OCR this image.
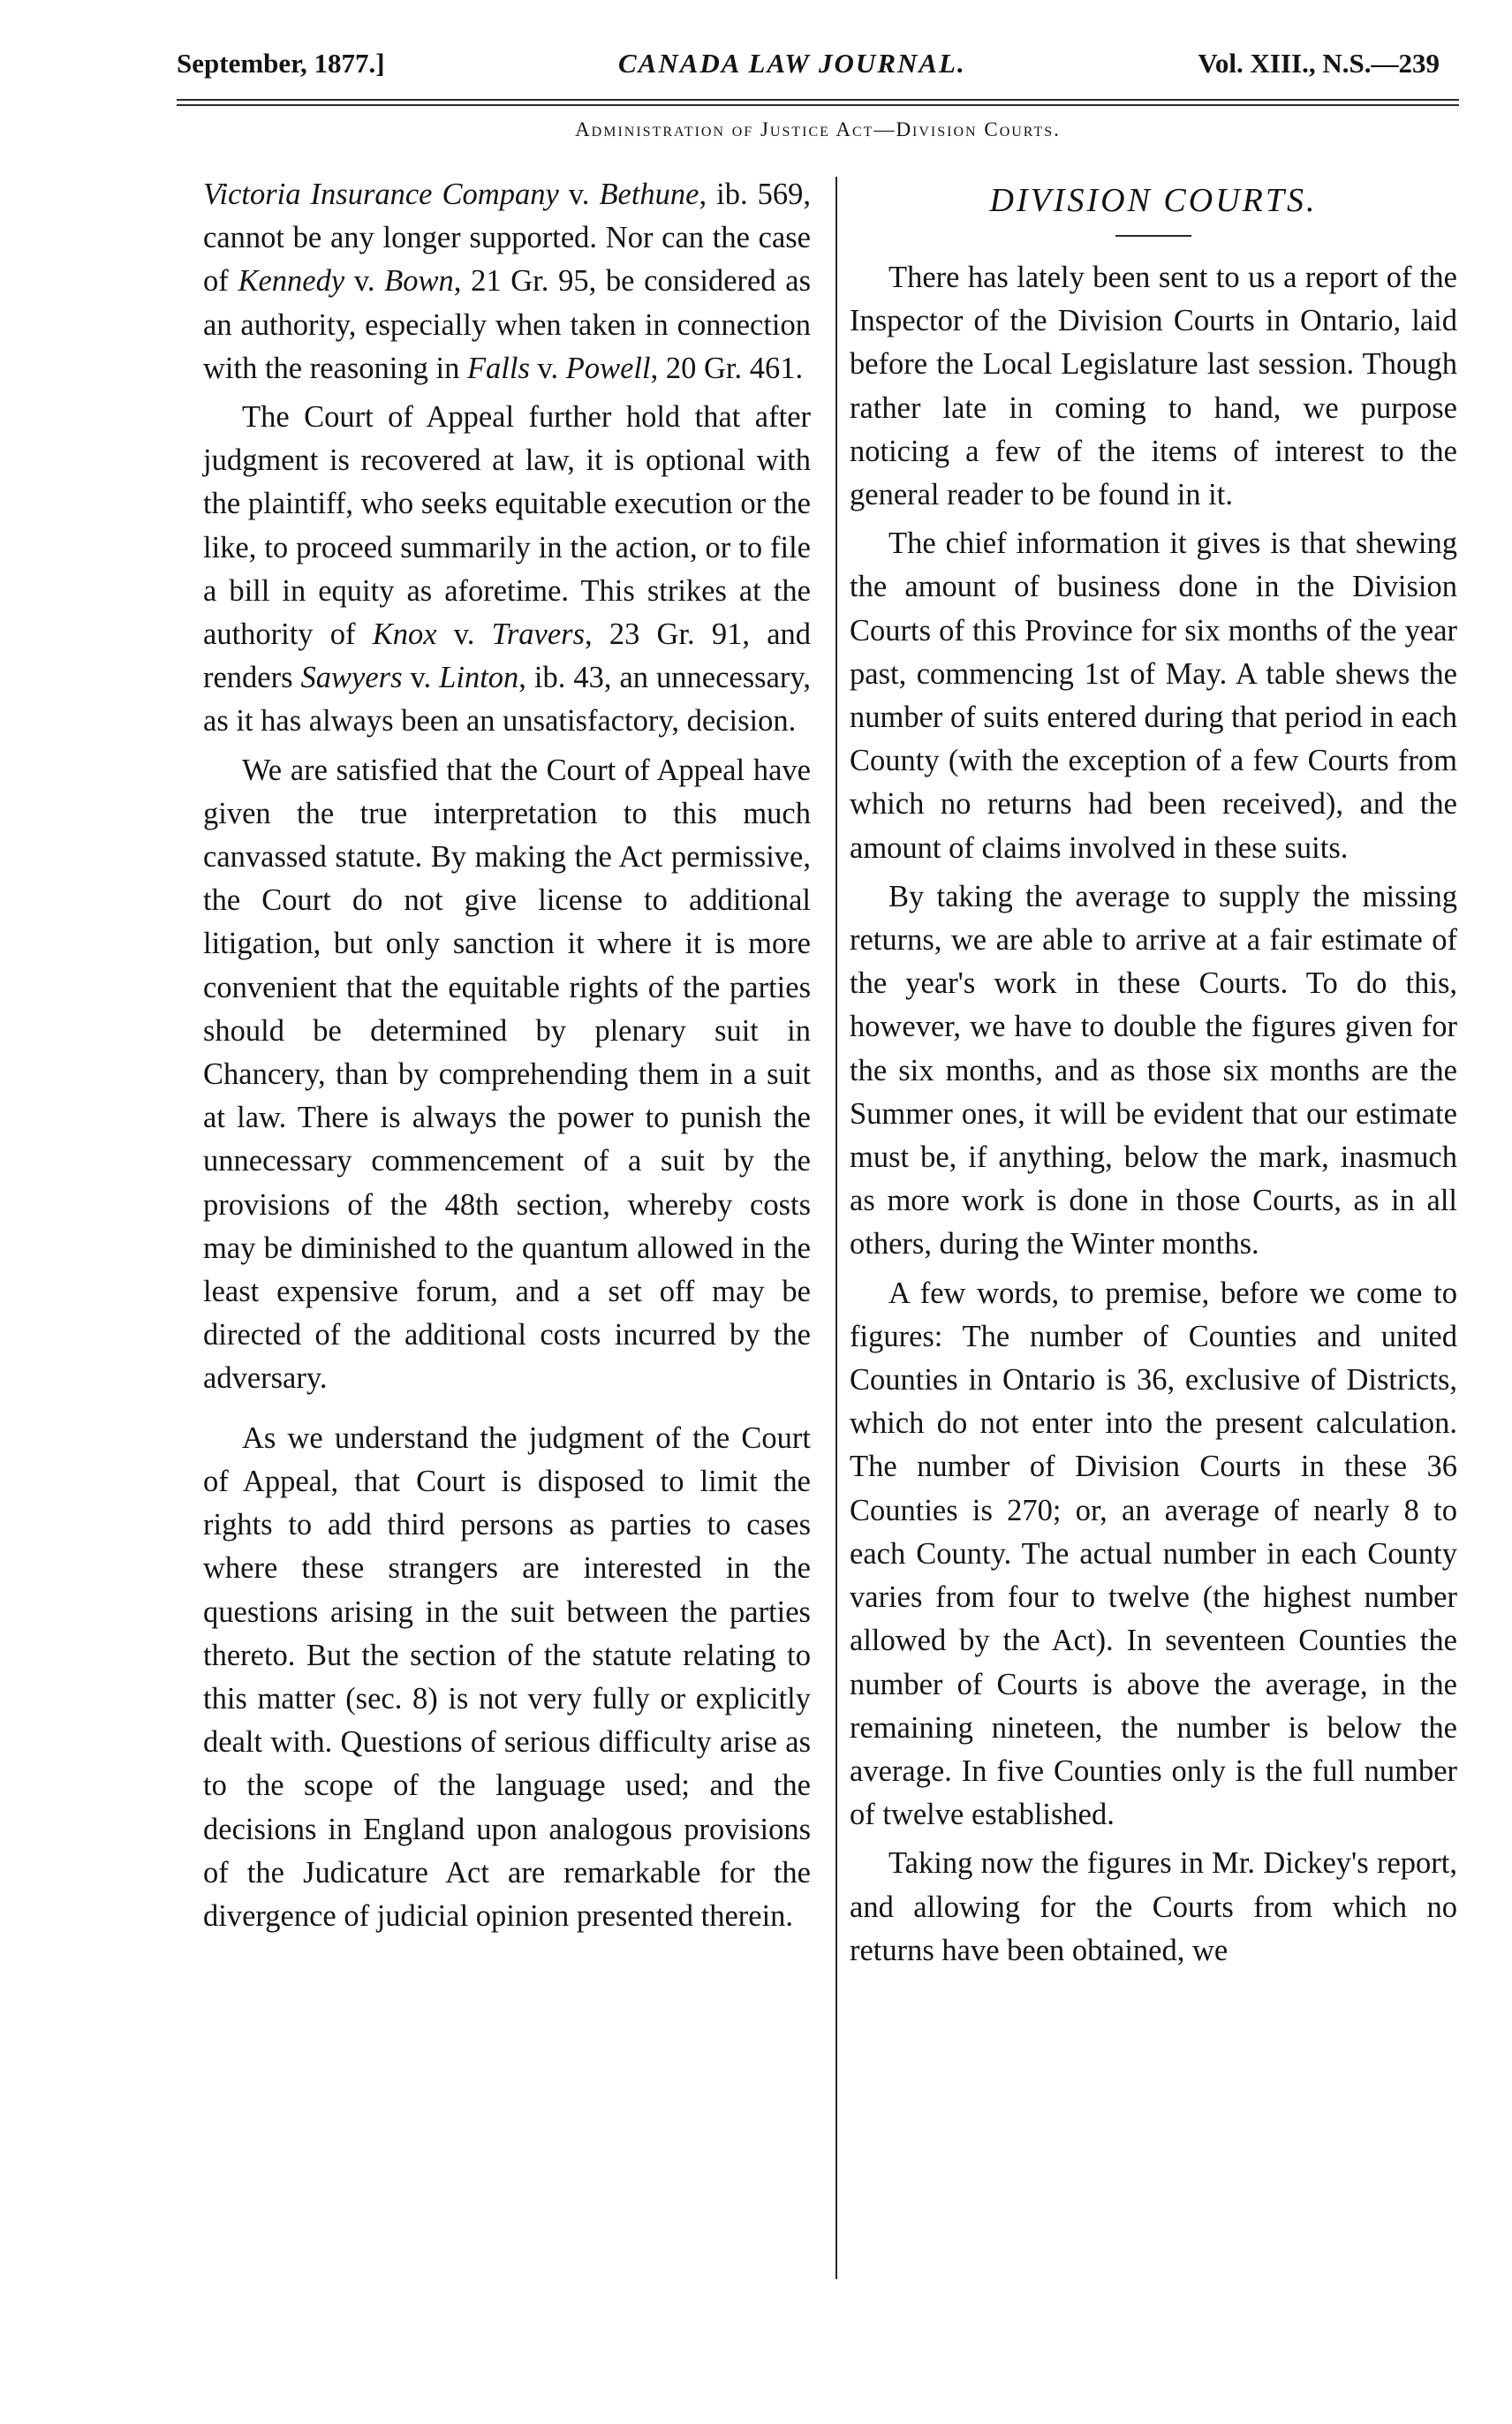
September, 1877.]	CANADA LAW JOURNAL.	Vol. XIII., N.S.—239
Administration of Justice Act—Division Courts.

Victoria Insurance Company v. Bethune, ib. 569, cannot be any longer supported. Nor can the case of Kennedy v. Bown, 21 Gr. 95, be considered as an authority, especially when taken in connection with the reasoning in Falls v. Powell, 20 Gr. 461.

The Court of Appeal further hold that after judgment is recovered at law, it is optional with the plaintiff, who seeks equitable execution or the like, to proceed summarily in the action, or to file a bill in equity as aforetime. This strikes at the authority of Knox v. Travers, 23 Gr. 91, and renders Sawyers v. Linton, ib. 43, an unnecessary, as it has always been an unsatisfactory, decision.

We are satisfied that the Court of Appeal have given the true interpretation to this much canvassed statute. By making the Act permissive, the Court do not give license to additional litigation, but only sanction it where it is more convenient that the equitable rights of the parties should be determined by plenary suit in Chancery, than by comprehending them in a suit at law. There is always the power to punish the unnecessary commencement of a suit by the provisions of the 48th section, whereby costs may be diminished to the quantum allowed in the least expensive forum, and a set off may be directed of the additional costs incurred by the adversary.

As we understand the judgment of the Court of Appeal, that Court is disposed to limit the rights to add third persons as parties to cases where these strangers are interested in the questions arising in the suit between the parties thereto. But the section of the statute relating to this matter (sec. 8) is not very fully or explicitly dealt with. Questions of serious difficulty arise as to the scope of the language used; and the decisions in England upon analogous provisions of the Judicature Act are remarkable for the divergence of judicial opinion presented therein.

DIVISION COURTS.

There has lately been sent to us a report of the Inspector of the Division Courts in Ontario, laid before the Local Legislature last session. Though rather late in coming to hand, we purpose noticing a few of the items of interest to the general reader to be found in it.

The chief information it gives is that shewing the amount of business done in the Division Courts of this Province for six months of the year past, commencing 1st of May. A table shews the number of suits entered during that period in each County (with the exception of a few Courts from which no returns had been received), and the amount of claims involved in these suits.

By taking the average to supply the missing returns, we are able to arrive at a fair estimate of the year's work in these Courts. To do this, however, we have to double the figures given for the six months, and as those six months are the Summer ones, it will be evident that our estimate must be, if anything, below the mark, inasmuch as more work is done in those Courts, as in all others, during the Winter months.

A few words, to premise, before we come to figures: The number of Counties and united Counties in Ontario is 36, exclusive of Districts, which do not enter into the present calculation. The number of Division Courts in these 36 Counties is 270; or, an average of nearly 8 to each County. The actual number in each County varies from four to twelve (the highest number allowed by the Act). In seventeen Counties the number of Courts is above the average, in the remaining nineteen, the number is below the average. In five Counties only is the full number of twelve established.

Taking now the figures in Mr. Dickey's report, and allowing for the Courts from which no returns have been obtained, we
